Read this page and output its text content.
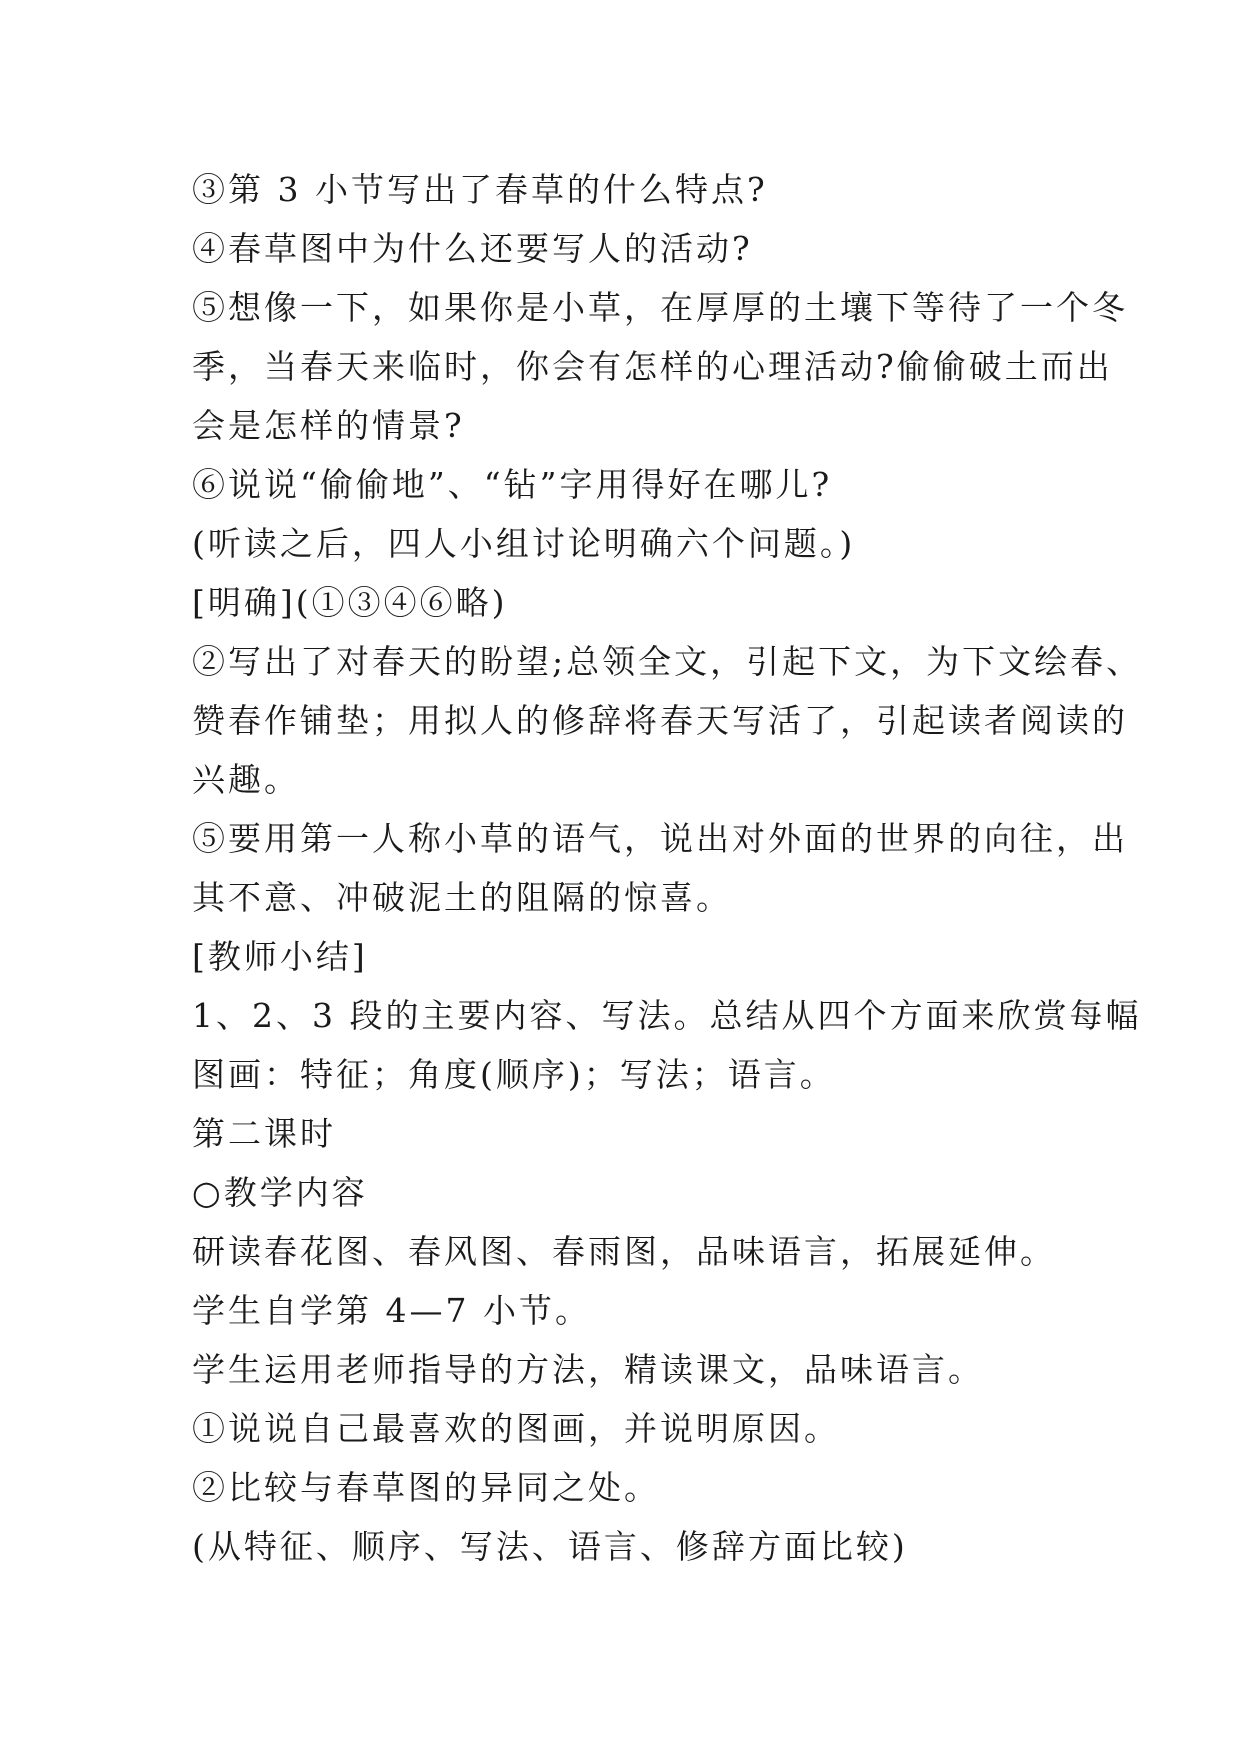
③第 3 小节写出了春草的什么特点?
④春草图中为什么还要写人的活动?
⑤想像一下，如果你是小草，在厚厚的土壤下等待了一个冬
季，当春天来临时，你会有怎样的心理活动?偷偷破土而出
会是怎样的情景?
⑥说说“偷偷地”、“钻”字用得好在哪儿?
(听读之后，四人小组讨论明确六个问题。)
[明确](①③④⑥略)
②写出了对春天的盼望;总领全文，引起下文，为下文绘春、
赞春作铺垫；用拟人的修辞将春天写活了，引起读者阅读的
兴趣。
⑤要用第一人称小草的语气，说出对外面的世界的向往，出
其不意、冲破泥土的阻隔的惊喜。
[教师小结]
1、2、3 段的主要内容、写法。总结从四个方面来欣赏每幅
图画：特征；角度(顺序)；写法；语言。
第二课时
○教学内容
研读春花图、春风图、春雨图，品味语言，拓展延伸。
学生自学第 4—7 小节。
学生运用老师指导的方法，精读课文，品味语言。
①说说自己最喜欢的图画，并说明原因。
②比较与春草图的异同之处。
(从特征、顺序、写法、语言、修辞方面比较)
